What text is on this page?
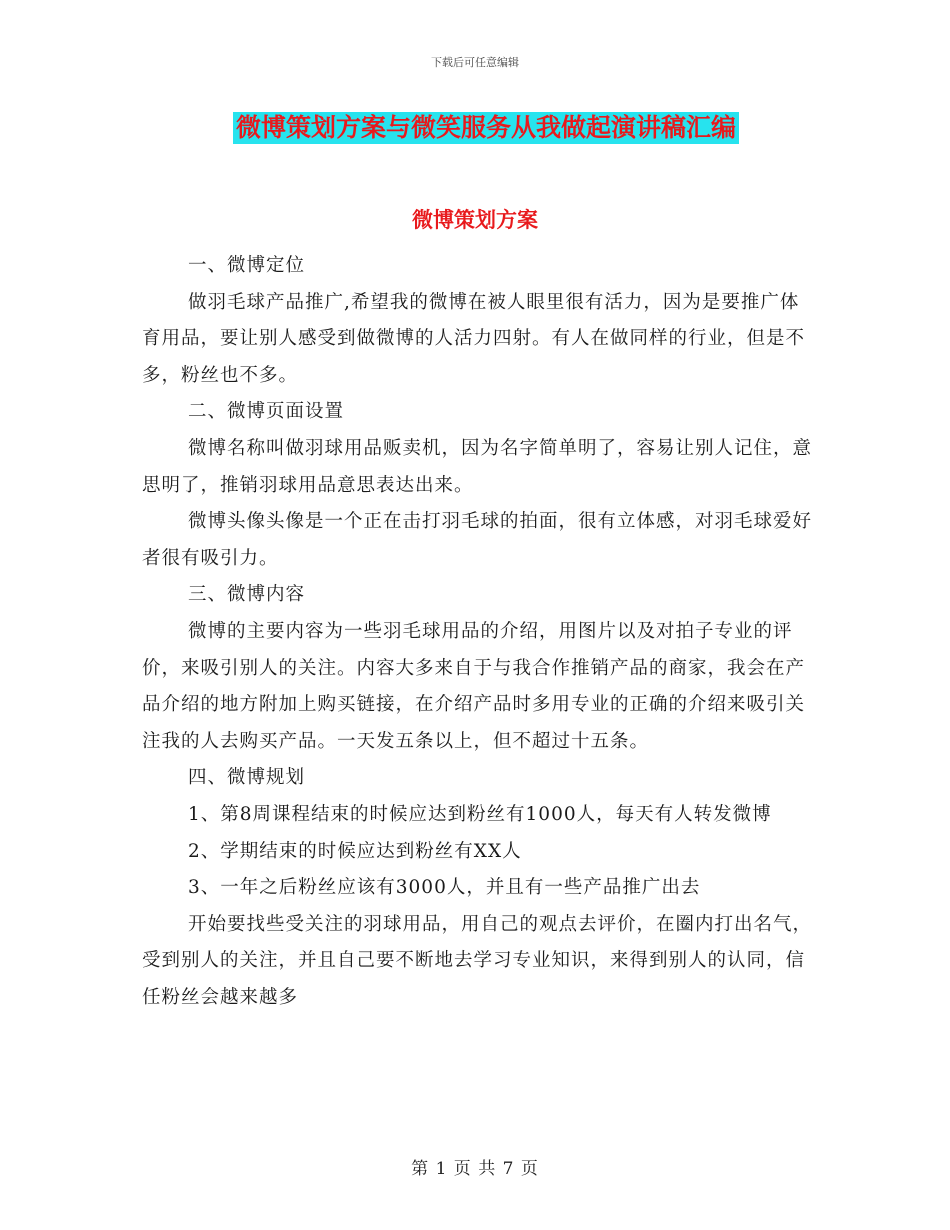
下载后可任意编辑
微博策划方案与微笑服务从我做起演讲稿汇编
微博策划方案

一、微博定位

做羽毛球产品推广,希望我的微博在被人眼里很有活力，因为是要推广体育用品，要让别人感受到做微博的人活力四射。有人在做同样的行业，但是不多，粉丝也不多。

二、微博页面设置

微博名称叫做羽球用品贩卖机，因为名字简单明了，容易让别人记住，意思明了，推销羽球用品意思表达出来。

微博头像头像是一个正在击打羽毛球的拍面，很有立体感，对羽毛球爱好者很有吸引力。

三、微博内容

微博的主要内容为一些羽毛球用品的介绍，用图片以及对拍子专业的评价，来吸引别人的关注。内容大多来自于与我合作推销产品的商家，我会在产品介绍的地方附加上购买链接，在介绍产品时多用专业的正确的介绍来吸引关注我的人去购买产品。一天发五条以上，但不超过十五条。

四、微博规划

1、第8周课程结束的时候应达到粉丝有1000人，每天有人转发微博

2、学期结束的时候应达到粉丝有XX人

3、一年之后粉丝应该有3000人，并且有一些产品推广出去

开始要找些受关注的羽球用品，用自己的观点去评价，在圈内打出名气，受到别人的关注，并且自己要不断地去学习专业知识，来得到别人的认同，信任粉丝会越来越多

第 1 页 共 7 页
